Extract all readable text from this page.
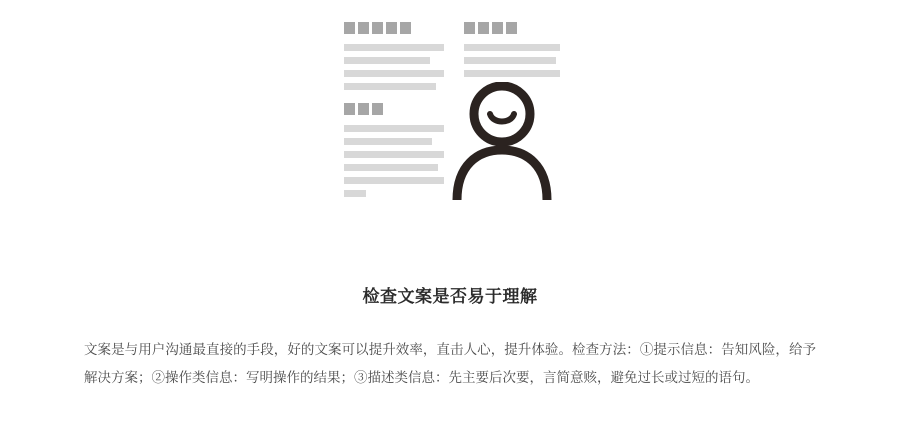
检查文案是否易于理解
文案是与用户沟通最直接的手段，好的文案可以提升效率，直击人心，提升体验。检查方法：①提示信息：告知风险，给予解决方案；②操作类信息：写明操作的结果；③描述类信息：先主要后次要，言简意赅，避免过长或过短的语句。
